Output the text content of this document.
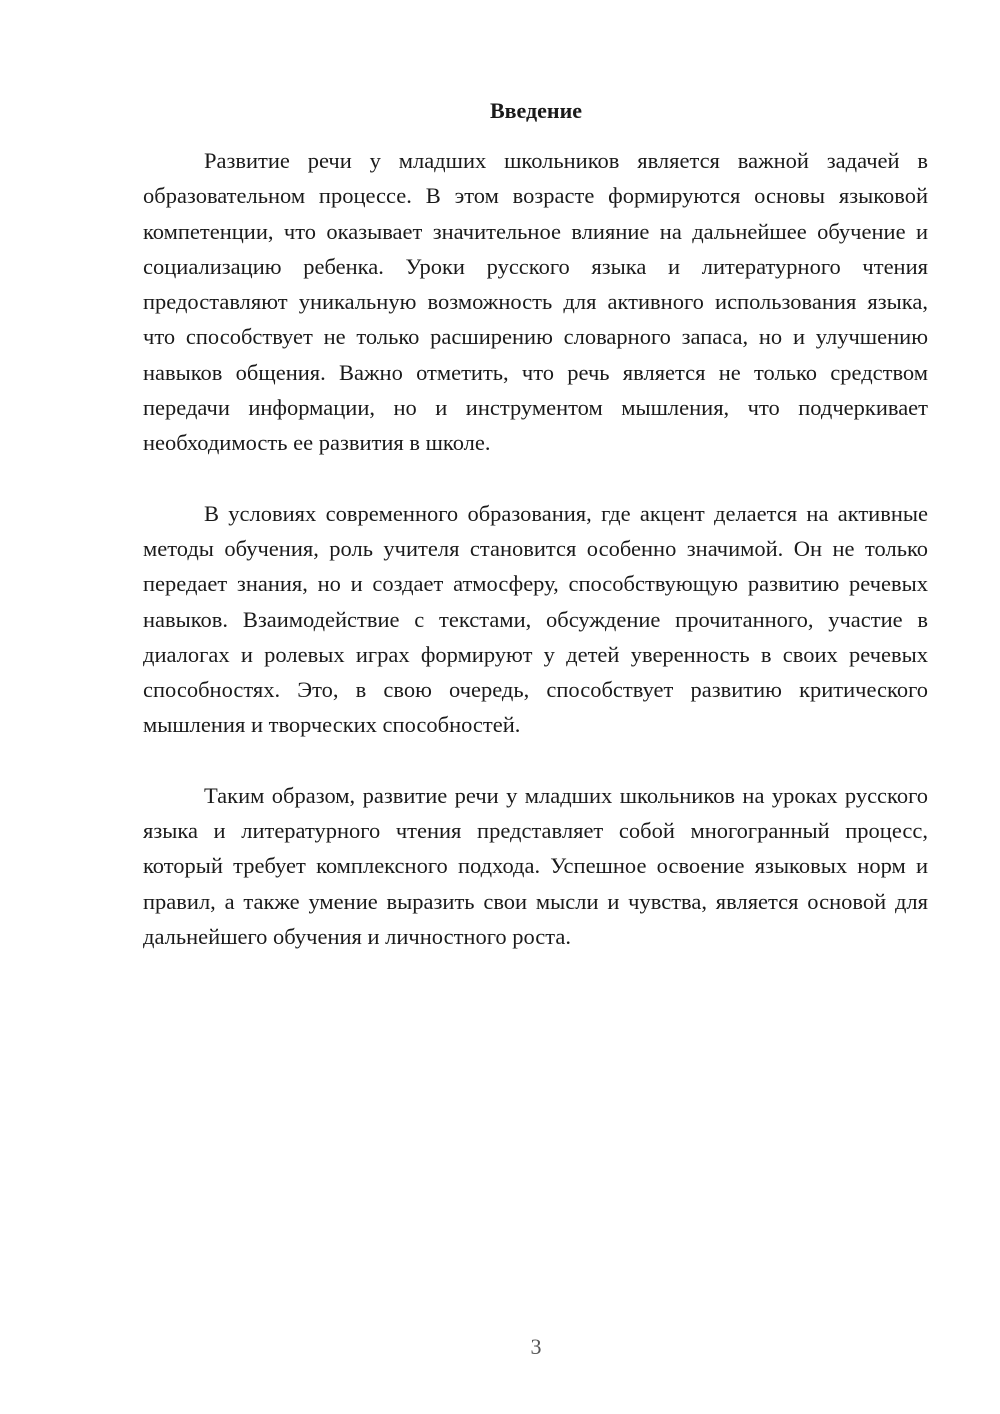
Введение

Развитие речи у младших школьников является важной задачей в образовательном процессе. В этом возрасте формируются основы языковой компетенции, что оказывает значительное влияние на дальнейшее обучение и социализацию ребенка. Уроки русского языка и литературного чтения предоставляют уникальную возможность для активного использования языка, что способствует не только расширению словарного запаса, но и улучшению навыков общения. Важно отметить, что речь является не только средством передачи информации, но и инструментом мышления, что подчеркивает необходимость ее развития в школе.

В условиях современного образования, где акцент делается на активные методы обучения, роль учителя становится особенно значимой. Он не только передает знания, но и создает атмосферу, способствующую развитию речевых навыков. Взаимодействие с текстами, обсуждение прочитанного, участие в диалогах и ролевых играх формируют у детей уверенность в своих речевых способностях. Это, в свою очередь, способствует развитию критического мышления и творческих способностей.

Таким образом, развитие речи у младших школьников на уроках русского языка и литературного чтения представляет собой многогранный процесс, который требует комплексного подхода. Успешное освоение языковых норм и правил, а также умение выразить свои мысли и чувства, является основой для дальнейшего обучения и личностного роста.

3
